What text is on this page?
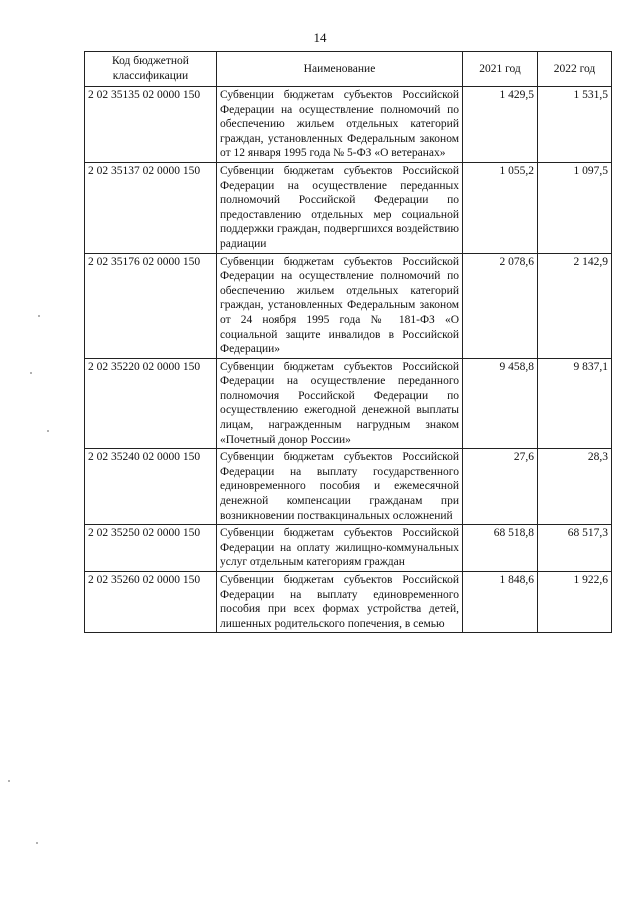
14
Код бюджетной классификации	Наименование	2021 год	2022 год
2 02 35135 02 0000 150	Субвенции бюджетам субъектов Российской Федерации на осуществление полномочий по обеспечению жильем отдельных категорий граждан, установленных Федеральным законом от 12 января 1995 года № 5-ФЗ «О ветеранах»	1 429,5	1 531,5
2 02 35137 02 0000 150	Субвенции бюджетам субъектов Российской Федерации на осуществление переданных полномочий Российской Федерации по предоставлению отдельных мер социальной поддержки граждан, подвергшихся воздействию радиации	1 055,2	1 097,5
2 02 35176 02 0000 150	Субвенции бюджетам субъектов Российской Федерации на осуществление полномочий по обеспечению жильем отдельных категорий граждан, установленных Федеральным законом от 24 ноября 1995 года № 181-ФЗ «О социальной защите инвалидов в Российской Федерации»	2 078,6	2 142,9
2 02 35220 02 0000 150	Субвенции бюджетам субъектов Российской Федерации на осуществление переданного полномочия Российской Федерации по осуществлению ежегодной денежной выплаты лицам, награжденным нагрудным знаком «Почетный донор России»	9 458,8	9 837,1
2 02 35240 02 0000 150	Субвенции бюджетам субъектов Российской Федерации на выплату государственного единовременного пособия и ежемесячной денежной компенсации гражданам при возникновении поствакцинальных осложнений	27,6	28,3
2 02 35250 02 0000 150	Субвенции бюджетам субъектов Российской Федерации на оплату жилищно-коммунальных услуг отдельным категориям граждан	68 518,8	68 517,3
2 02 35260 02 0000 150	Субвенции бюджетам субъектов Российской Федерации на выплату единовременного пособия при всех формах устройства детей, лишенных родительского попечения, в семью	1 848,6	1 922,6
